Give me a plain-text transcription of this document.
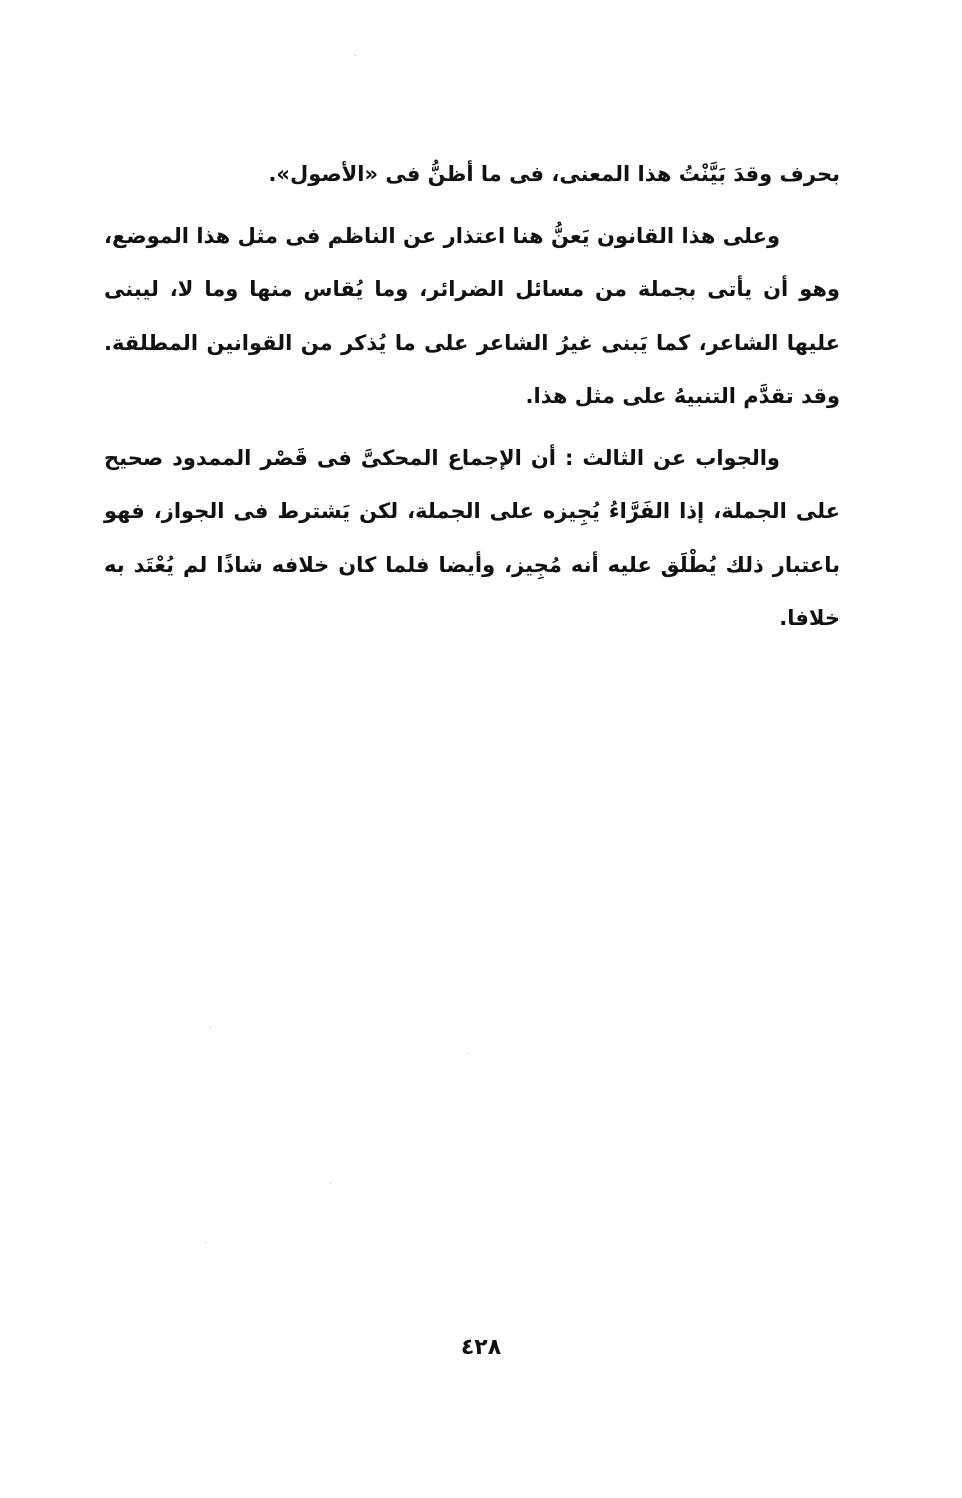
بحرف وقدَ بَيَّنْتُ هذا المعنى، فى ما أظنُّ فى «الأصول».

وعلى هذا القانون يَعنُّ هنا اعتذار عن الناظم فى مثل هذا الموضع، وهو أن يأتى بجملة من مسائل الضرائر، وما يُقاس منها وما لا، ليبنى عليها الشاعر، كما يَبنى غيرُ الشاعر على ما يُذكر من القوانين المطلقة. وقد تقدَّم التنبيهُ على مثل هذا.

والجواب عن الثالث : أن الإجماع المحكىَّ فى قَصْر الممدود صحيح على الجملة، إذا الفَرَّاءُ يُجِيزه على الجملة، لكن يَشترط فى الجواز، فهو باعتبار ذلك يُطْلَق عليه أنه مُجِيز، وأيضا فلما كان خلافه شاذًا لم يُعْتَد به خلافا.

٤٢٨
